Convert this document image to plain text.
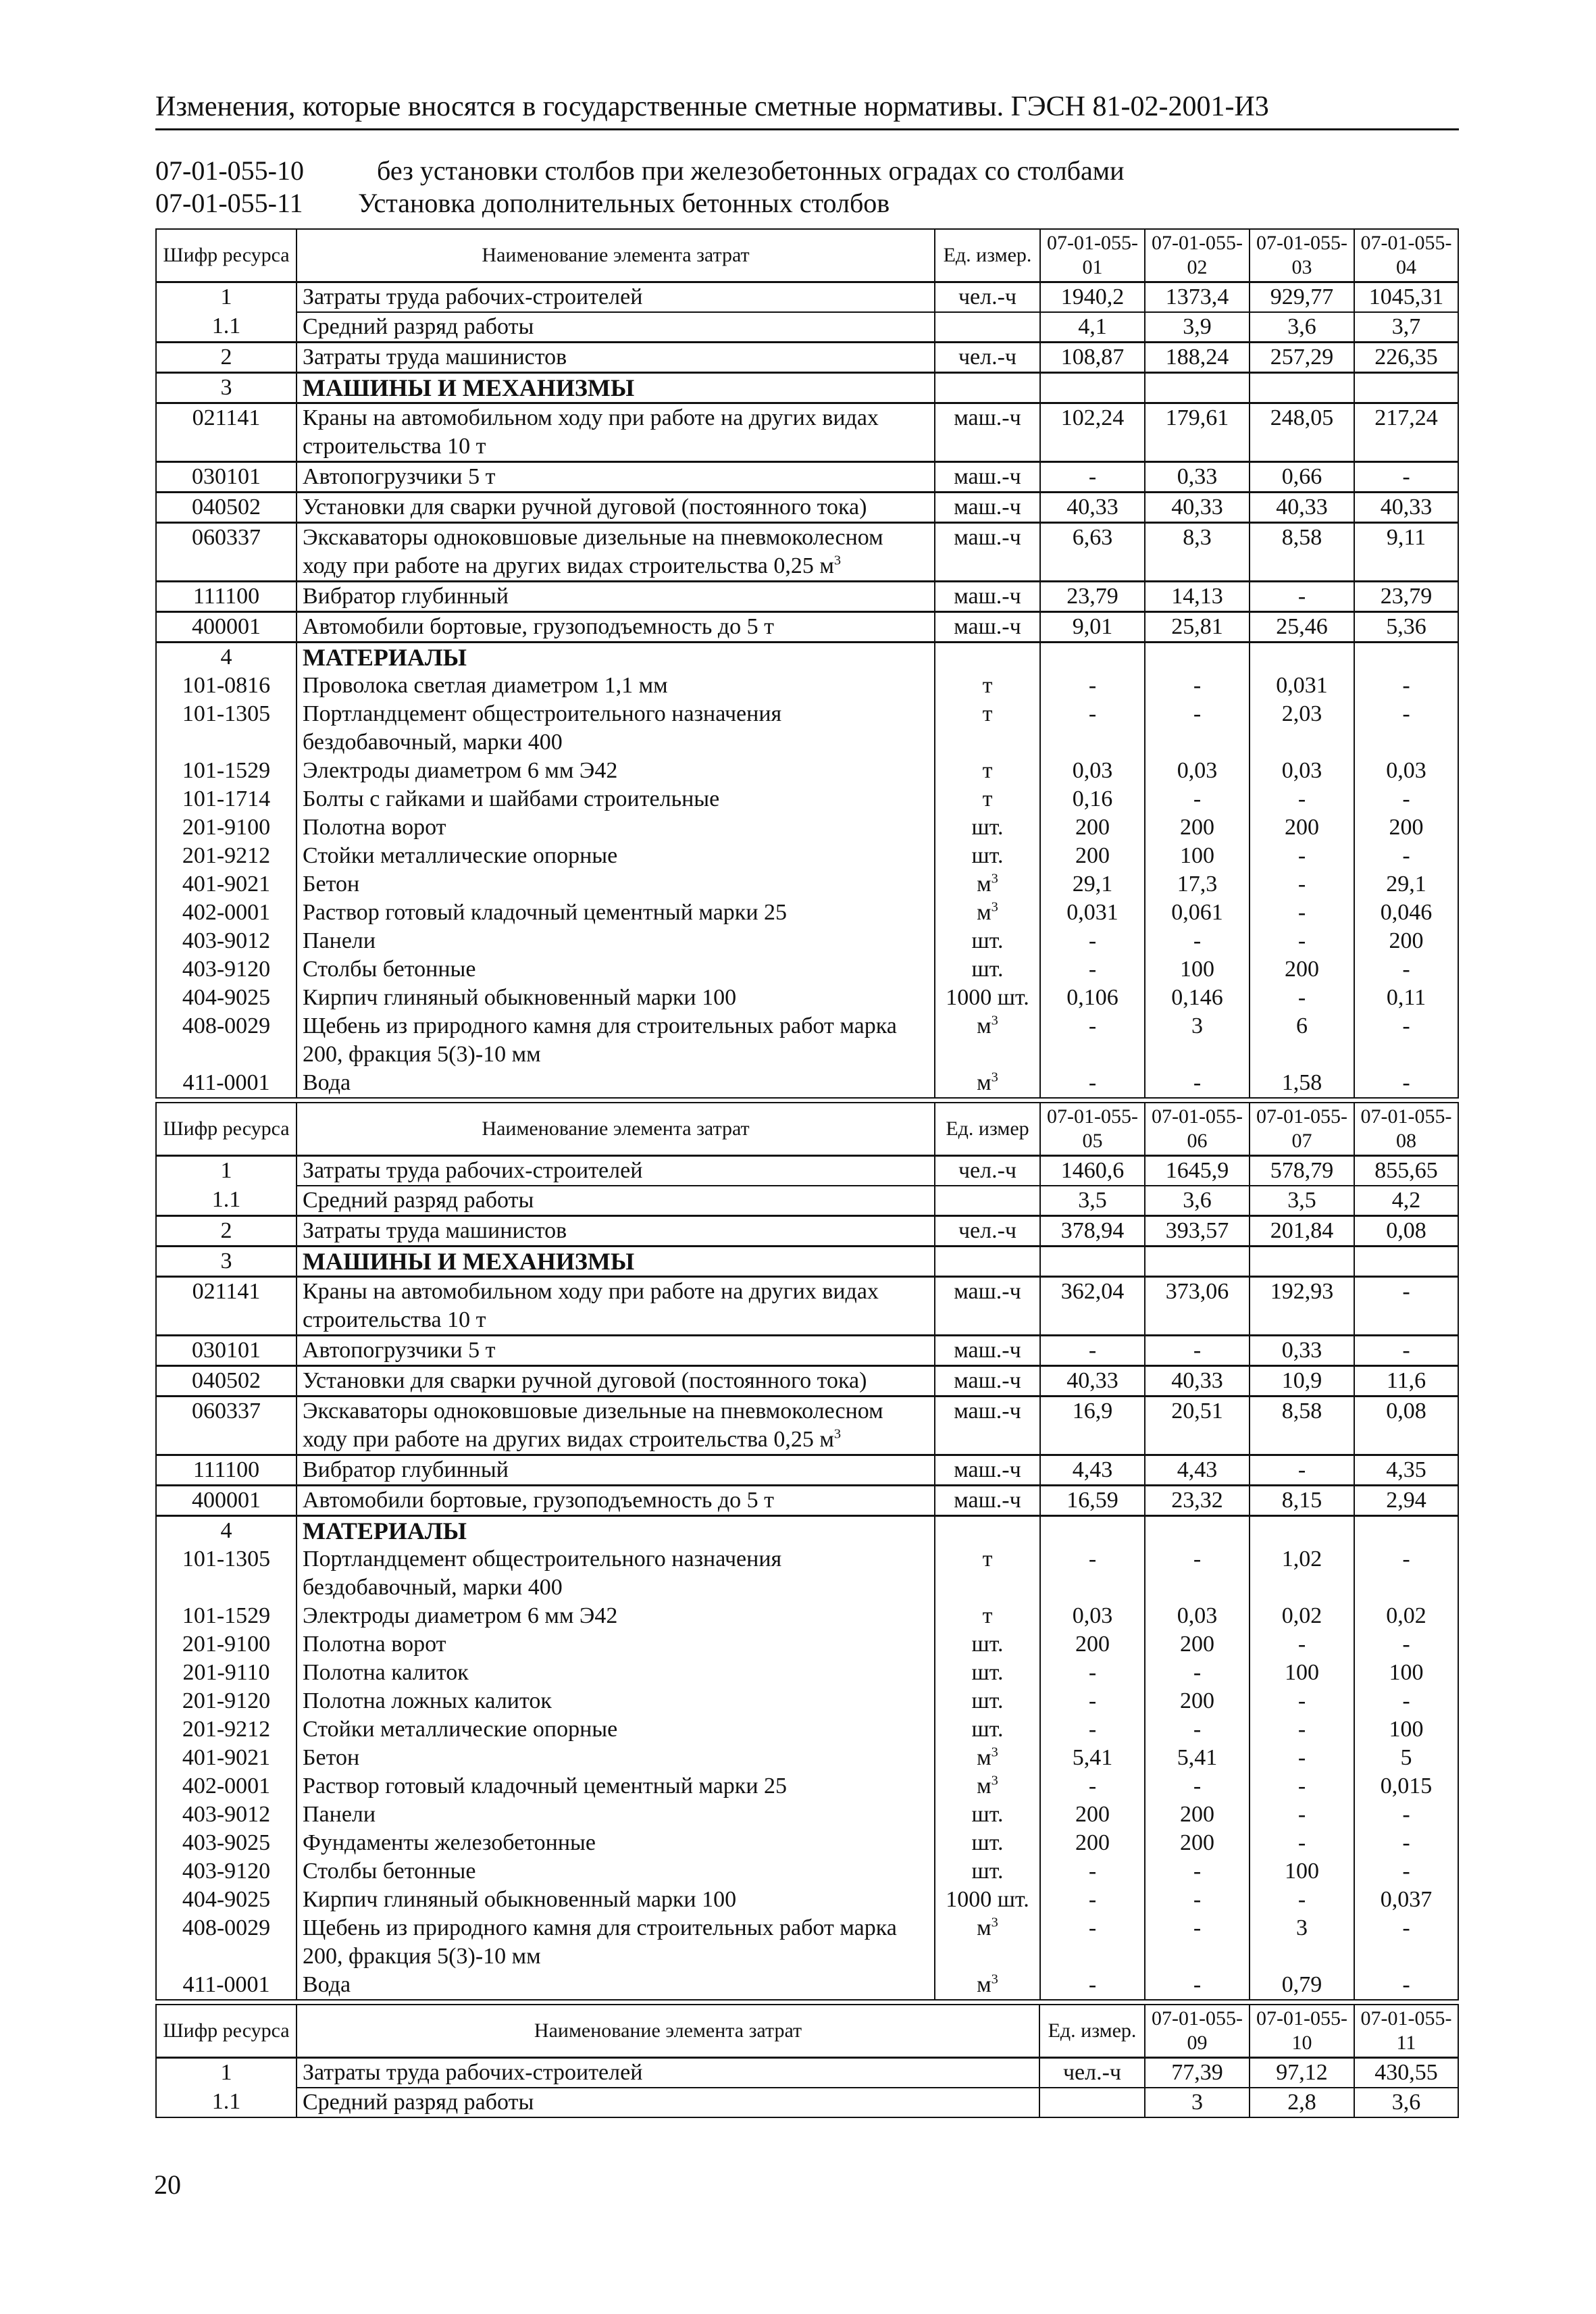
Изменения, которые вносятся в государственные сметные нормативы. ГЭСН 81-02-2001-И3
07-01-055-10	без установки столбов при железобетонных оградах со столбами
07-01-055-11 Установка дополнительных бетонных столбов
Шифр ресурса	Наименование элемента затрат	Ед. измер.	07-01-055-01	07-01-055-02	07-01-055-03	07-01-055-04
1	Затраты труда рабочих-строителей	чел.-ч	1940,2	1373,4	929,77	1045,31
1.1	Средний разряд работы		4,1	3,9	3,6	3,7
2	Затраты труда машинистов	чел.-ч	108,87	188,24	257,29	226,35
3	МАШИНЫ И МЕХАНИЗМЫ					
021141	Краны на автомобильном ходу при работе на других видах строительства 10 т	маш.-ч	102,24	179,61	248,05	217,24
030101	Автопогрузчики 5 т	маш.-ч	-	0,33	0,66	-
040502	Установки для сварки ручной дуговой (постоянного тока)	маш.-ч	40,33	40,33	40,33	40,33
060337	Экскаваторы одноковшовые дизельные на пневмоколесном ходу при работе на других видах строительства 0,25 $м^3$	маш.-ч	6,63	8,3	8,58	9,11
111100	Вибратор глубинный	маш.-ч	23,79	14,13	-	23,79
400001	Автомобили бортовые, грузоподъемность до 5 т	маш.-ч	9,01	25,81	25,46	5,36
4	МАТЕРИАЛЫ					
101-0816	Проволока светлая диаметром 1,1 мм	т	-	-	0,031	-
101-1305	Портландцемент общестроительного назначения бездобавочный, марки 400	т	-	-	2,03	-
101-1529	Электроды диаметром 6 мм Э42	т	0,03	0,03	0,03	0,03
101-1714	Болты с гайками и шайбами строительные	т	0,16	-	-	-
201-9100	Полотна ворот	шт.	200	200	200	200
201-9212	Стойки металлические опорные	шт.	200	100	-	-
401-9021	Бетон	$м^3$	29,1	17,3	-	29,1
402-0001	Раствор готовый кладочный цементный марки 25	$м^3$	0,031	0,061	-	0,046
403-9012	Панели	шт.	-	-	-	200
403-9120	Столбы бетонные	шт.	-	100	200	-
404-9025	Кирпич глиняный обыкновенный марки 100	1000 шт.	0,106	0,146	-	0,11
408-0029	Щебень из природного камня для строительных работ марка 200, фракция 5(3)-10 мм	$м^3$	-	3	6	-
411-0001	Вода	$м^3$	-	-	1,58	-
Шифр ресурса	Наименование элемента затрат	Ед. измер	07-01-055-05	07-01-055-06	07-01-055-07	07-01-055-08
1	Затраты труда рабочих-строителей	чел.-ч	1460,6	1645,9	578,79	855,65
1.1	Средний разряд работы		3,5	3,6	3,5	4,2
2	Затраты труда машинистов	чел.-ч	378,94	393,57	201,84	0,08
3	МАШИНЫ И МЕХАНИЗМЫ					
021141	Краны на автомобильном ходу при работе на других видах строительства 10 т	маш.-ч	362,04	373,06	192,93	-
030101	Автопогрузчики 5 т	маш.-ч	-	-	0,33	-
040502	Установки для сварки ручной дуговой (постоянного тока)	маш.-ч	40,33	40,33	10,9	11,6
060337	Экскаваторы одноковшовые дизельные на пневмоколесном ходу при работе на других видах строительства 0,25 $м^3$	маш.-ч	16,9	20,51	8,58	0,08
111100	Вибратор глубинный	маш.-ч	4,43	4,43	-	4,35
400001	Автомобили бортовые, грузоподъемность до 5 т	маш.-ч	16,59	23,32	8,15	2,94
4	МАТЕРИАЛЫ					
101-1305	Портландцемент общестроительного назначения бездобавочный, марки 400	т	-	-	1,02	-
101-1529	Электроды диаметром 6 мм Э42	т	0,03	0,03	0,02	0,02
201-9100	Полотна ворот	шт.	200	200	-	-
201-9110	Полотна калиток	шт.	-	-	100	100
201-9120	Полотна ложных калиток	шт.	-	200	-	-
201-9212	Стойки металлические опорные	шт.	-	-	-	100
401-9021	Бетон	$м^3$	5,41	5,41	-	5
402-0001	Раствор готовый кладочный цементный марки 25	$м^3$	-	-	-	0,015
403-9012	Панели	шт.	200	200	-	-
403-9025	Фундаменты железобетонные	шт.	200	200	-	-
403-9120	Столбы бетонные	шт.	-	-	100	-
404-9025	Кирпич глиняный обыкновенный марки 100	1000 шт.	-	-	-	0,037
408-0029	Щебень из природного камня для строительных работ марка 200, фракция 5(3)-10 мм	$м^3$	-	-	3	-
411-0001	Вода	$м^3$	-	-	0,79	-
Шифр ресурса	Наименование элемента затрат	Ед. измер.	07-01-055-09	07-01-055-10	07-01-055-11
1	Затраты труда рабочих-строителей	чел.-ч	77,39	97,12	430,55
1.1	Средний разряд работы		3	2,8	3,6
20
